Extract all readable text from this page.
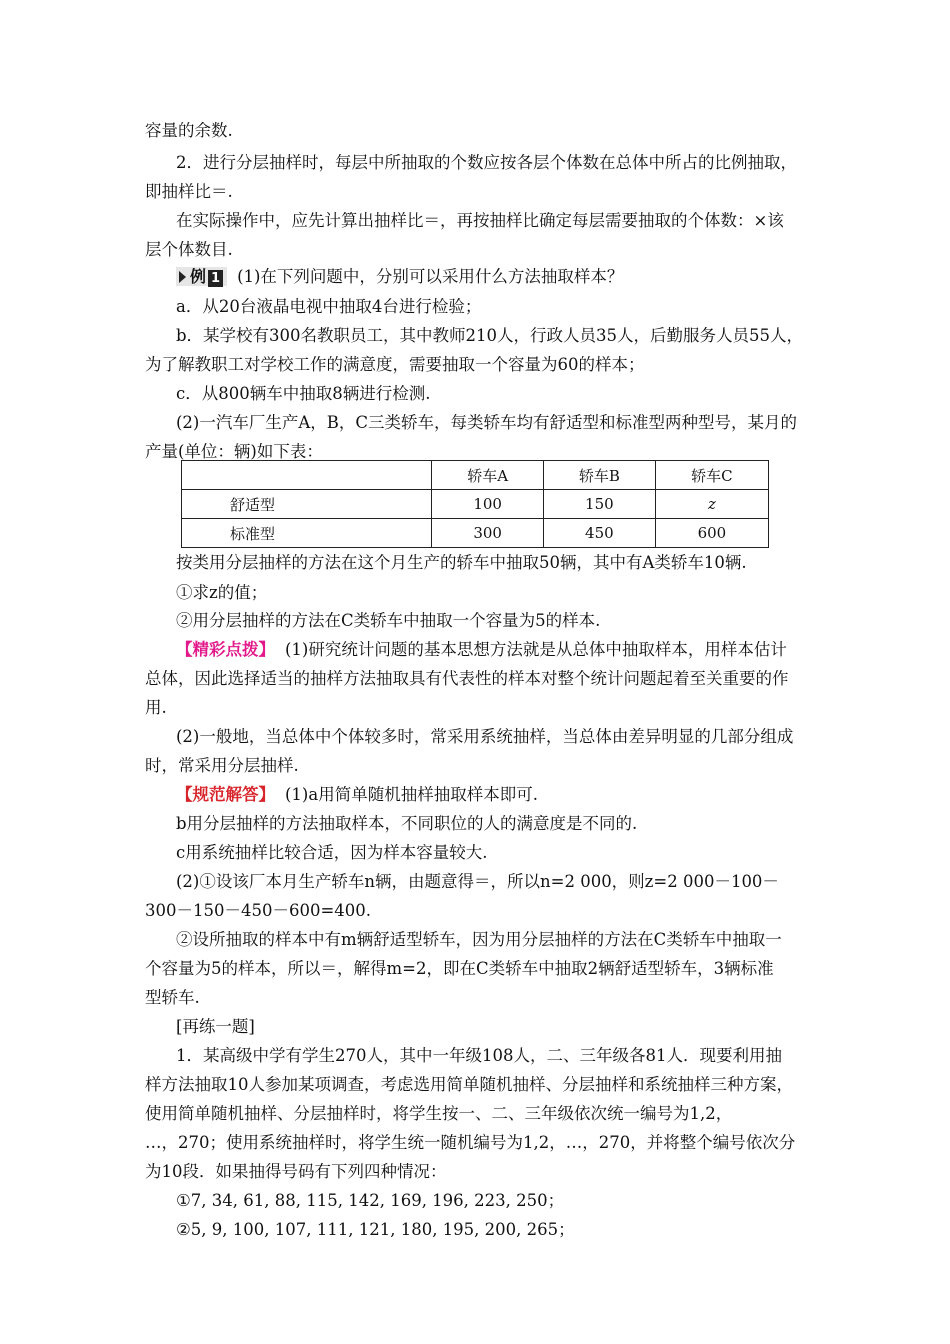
容量的余数.
2．进行分层抽样时，每层中所抽取的个数应按各层个体数在总体中所占的比例抽取，
即抽样比＝.
在实际操作中，应先计算出抽样比＝，再按抽样比确定每层需要抽取的个体数：×该
层个体数目.
例 1 (1)在下列问题中，分别可以采用什么方法抽取样本？
a．从20台液晶电视中抽取4台进行检验；
b．某学校有300名教职员工，其中教师210人，行政人员35人，后勤服务人员55人，
为了解教职工对学校工作的满意度，需要抽取一个容量为60的样本；
c．从800辆车中抽取8辆进行检测.
(2)一汽车厂生产A，B，C三类轿车，每类轿车均有舒适型和标准型两种型号，某月的
产量(单位：辆)如下表：
	轿车A	轿车B	轿车C
舒适型	100	150	z
标准型	300	450	600
按类用分层抽样的方法在这个月生产的轿车中抽取50辆，其中有A类轿车10辆.
①求z的值；
②用分层抽样的方法在C类轿车中抽取一个容量为5的样本.
【精彩点拨】 (1)研究统计问题的基本思想方法就是从总体中抽取样本，用样本估计
总体，因此选择适当的抽样方法抽取具有代表性的样本对整个统计问题起着至关重要的作
用.
(2)一般地，当总体中个体较多时，常采用系统抽样，当总体由差异明显的几部分组成
时，常采用分层抽样.
【规范解答】 (1)a用简单随机抽样抽取样本即可.
b用分层抽样的方法抽取样本，不同职位的人的满意度是不同的.
c用系统抽样比较合适，因为样本容量较大.
(2)①设该厂本月生产轿车n辆，由题意得＝，所以n=2 000，则z=2 000－100－
300－150－450－600=400.
②设所抽取的样本中有m辆舒适型轿车，因为用分层抽样的方法在C类轿车中抽取一
个容量为5的样本，所以＝，解得m=2，即在C类轿车中抽取2辆舒适型轿车，3辆标准
型轿车.
[再练一题]
1．某高级中学有学生270人，其中一年级108人，二、三年级各81人．现要利用抽
样方法抽取10人参加某项调查，考虑选用简单随机抽样、分层抽样和系统抽样三种方案，
使用简单随机抽样、分层抽样时，将学生按一、二、三年级依次统一编号为1,2，
…，270；使用系统抽样时，将学生统一随机编号为1,2，…，270，并将整个编号依次分
为10段．如果抽得号码有下列四种情况：
①7, 34, 61, 88, 115, 142, 169, 196, 223, 250；
②5, 9, 100, 107, 111, 121, 180, 195, 200, 265；
